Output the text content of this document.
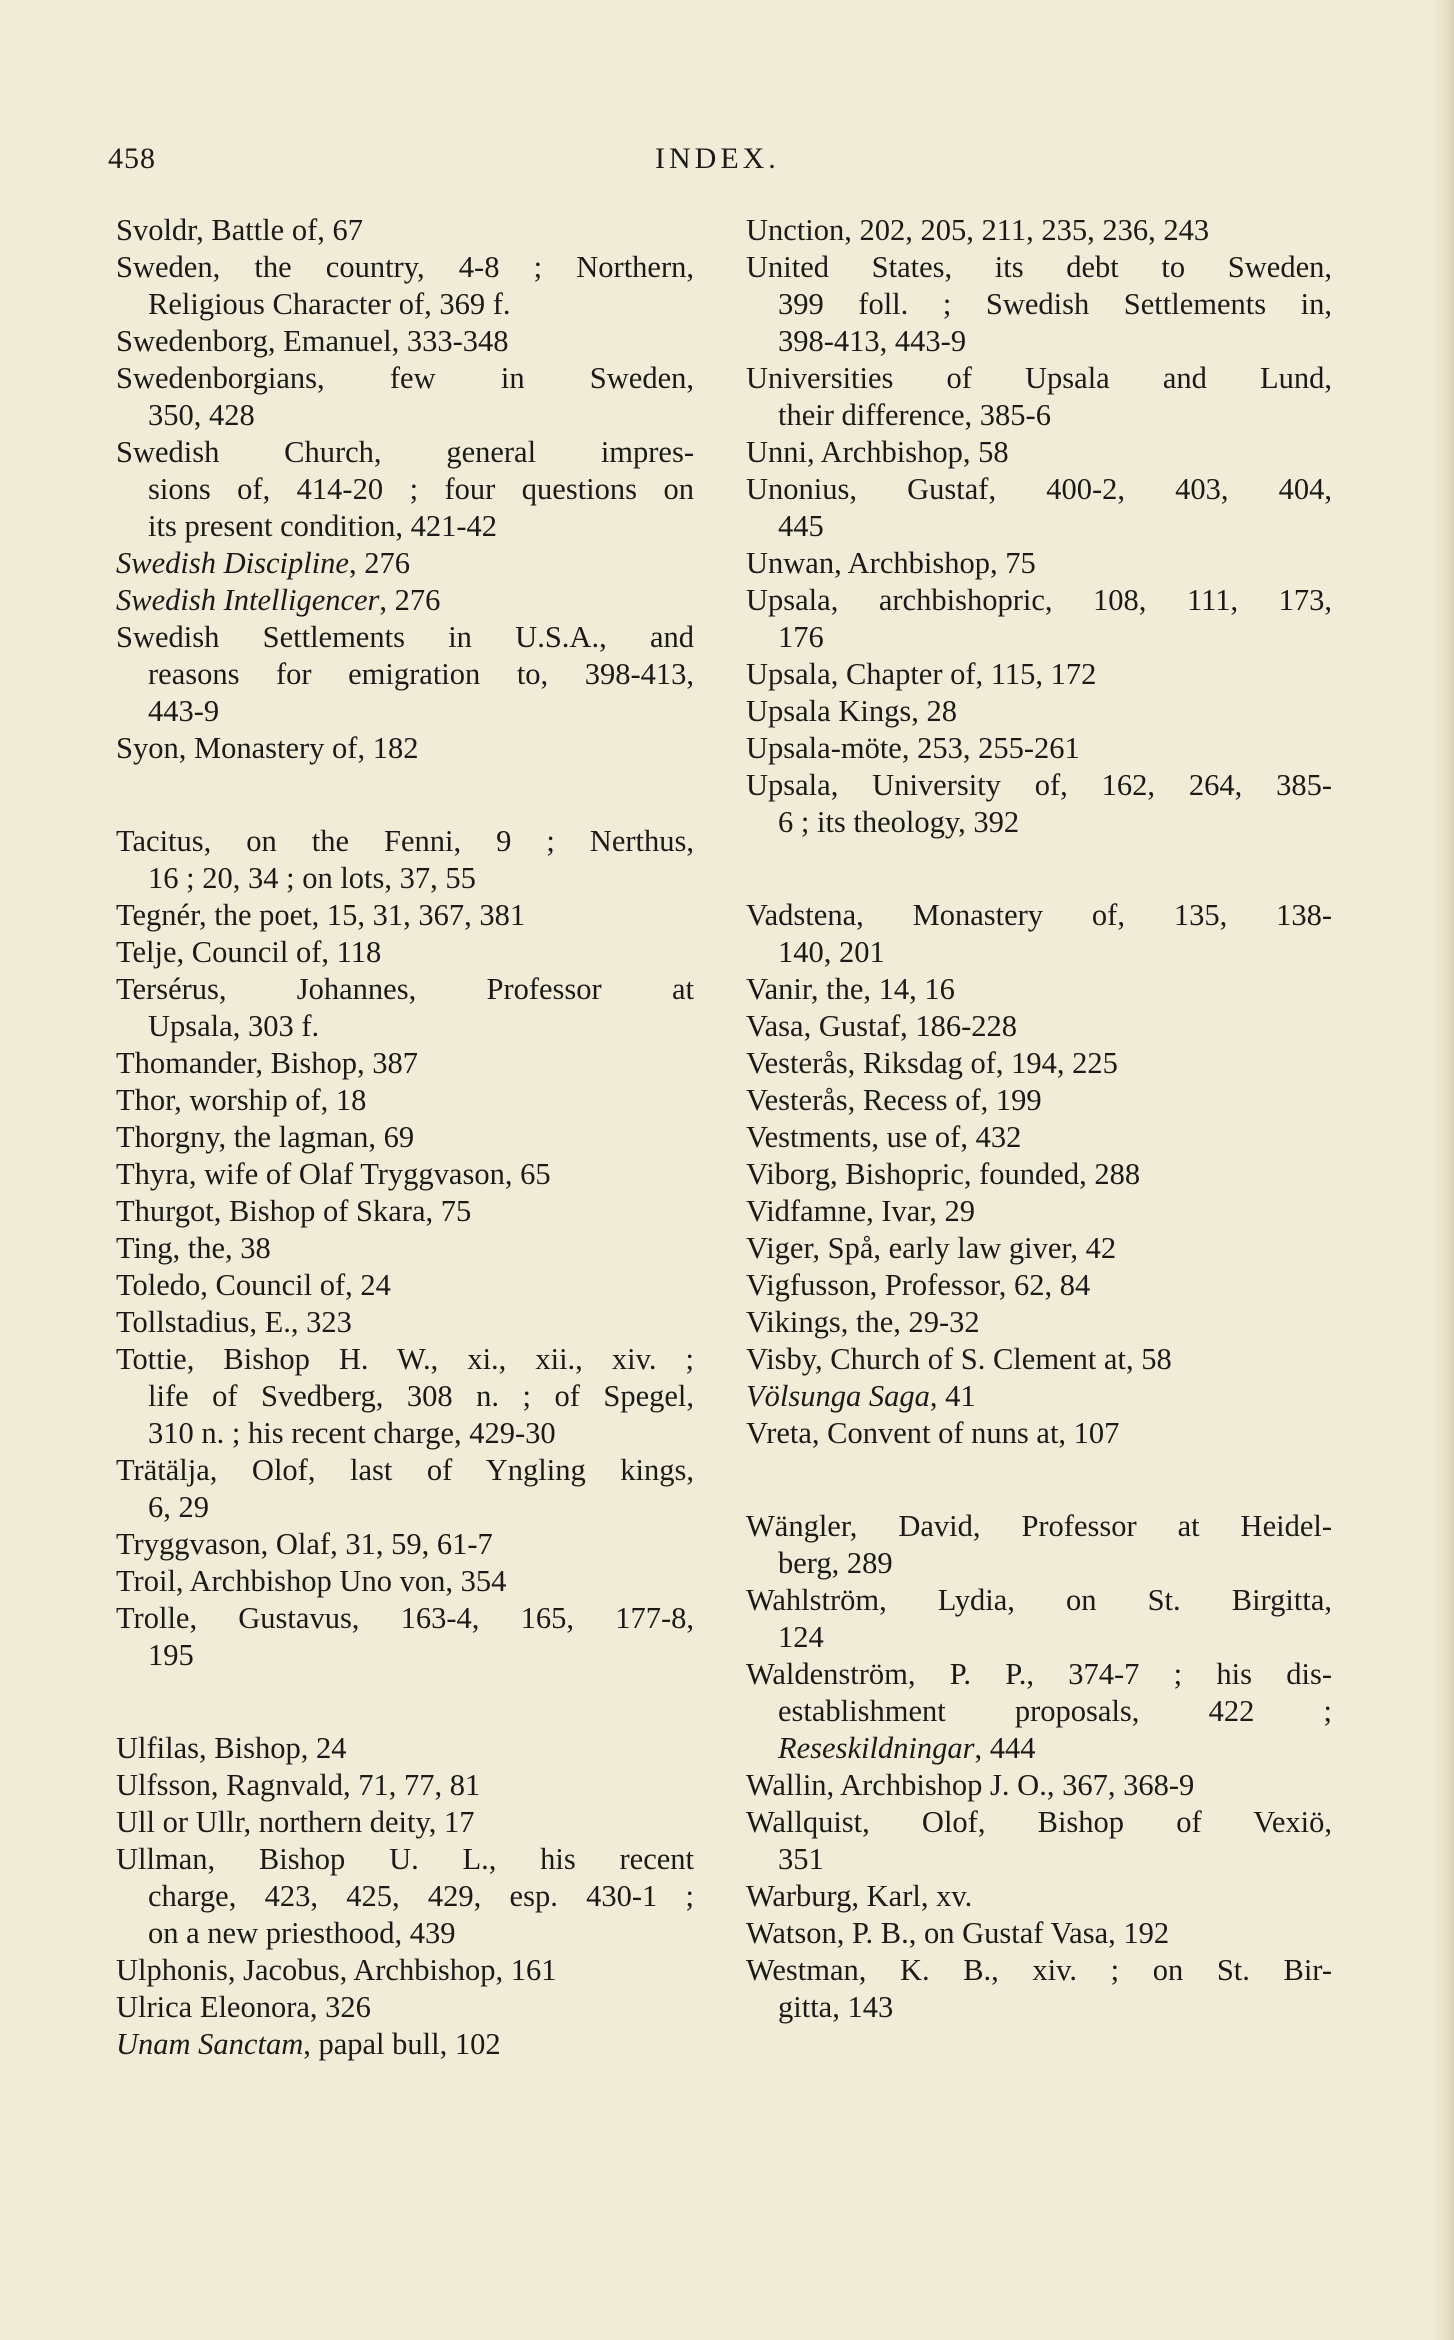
458	INDEX.
Svoldr, Battle of, 67
Sweden, the country, 4-8 ; Northern,
Religious Character of, 369 f.
Swedenborg, Emanuel, 333-348
Swedenborgians, few in Sweden,
350, 428
Swedish Church, general impres-
sions of, 414-20 ; four questions on
its present condition, 421-42
Swedish Discipline, 276
Swedish Intelligencer, 276
Swedish Settlements in U.S.A., and
reasons for emigration to, 398-413,
443-9
Syon, Monastery of, 182
Tacitus, on the Fenni, 9 ; Nerthus,
16 ; 20, 34 ; on lots, 37, 55
Tegnér, the poet, 15, 31, 367, 381
Telje, Council of, 118
Tersérus, Johannes, Professor at
Upsala, 303 f.
Thomander, Bishop, 387
Thor, worship of, 18
Thorgny, the lagman, 69
Thyra, wife of Olaf Tryggvason, 65
Thurgot, Bishop of Skara, 75
Ting, the, 38
Toledo, Council of, 24
Tollstadius, E., 323
Tottie, Bishop H. W., xi., xii., xiv. ;
life of Svedberg, 308 n. ; of Spegel,
310 n. ; his recent charge, 429-30
Trätälja, Olof, last of Yngling kings,
6, 29
Tryggvason, Olaf, 31, 59, 61-7
Troil, Archbishop Uno von, 354
Trolle, Gustavus, 163-4, 165, 177-8,
195
Ulfilas, Bishop, 24
Ulfsson, Ragnvald, 71, 77, 81
Ull or Ullr, northern deity, 17
Ullman, Bishop U. L., his recent
charge, 423, 425, 429, esp. 430-1 ;
on a new priesthood, 439
Ulphonis, Jacobus, Archbishop, 161
Ulrica Eleonora, 326
Unam Sanctam, papal bull, 102
Unction, 202, 205, 211, 235, 236, 243
United States, its debt to Sweden,
399 foll. ; Swedish Settlements in,
398-413, 443-9
Universities of Upsala and Lund,
their difference, 385-6
Unni, Archbishop, 58
Unonius, Gustaf, 400-2, 403, 404,
445
Unwan, Archbishop, 75
Upsala, archbishopric, 108, 111, 173,
176
Upsala, Chapter of, 115, 172
Upsala Kings, 28
Upsala-möte, 253, 255-261
Upsala, University of, 162, 264, 385-
6 ; its theology, 392
Vadstena, Monastery of, 135, 138-
140, 201
Vanir, the, 14, 16
Vasa, Gustaf, 186-228
Vesterås, Riksdag of, 194, 225
Vesterås, Recess of, 199
Vestments, use of, 432
Viborg, Bishopric, founded, 288
Vidfamne, Ivar, 29
Viger, Spå, early law giver, 42
Vigfusson, Professor, 62, 84
Vikings, the, 29-32
Visby, Church of S. Clement at, 58
Völsunga Saga, 41
Vreta, Convent of nuns at, 107
Wängler, David, Professor at Heidel-
berg, 289
Wahlström, Lydia, on St. Birgitta,
124
Waldenström, P. P., 374-7 ; his dis-
establishment proposals, 422 ;
Reseskildningar, 444
Wallin, Archbishop J. O., 367, 368-9
Wallquist, Olof, Bishop of Vexiö,
351
Warburg, Karl, xv.
Watson, P. B., on Gustaf Vasa, 192
Westman, K. B., xiv. ; on St. Bir-
gitta, 143
